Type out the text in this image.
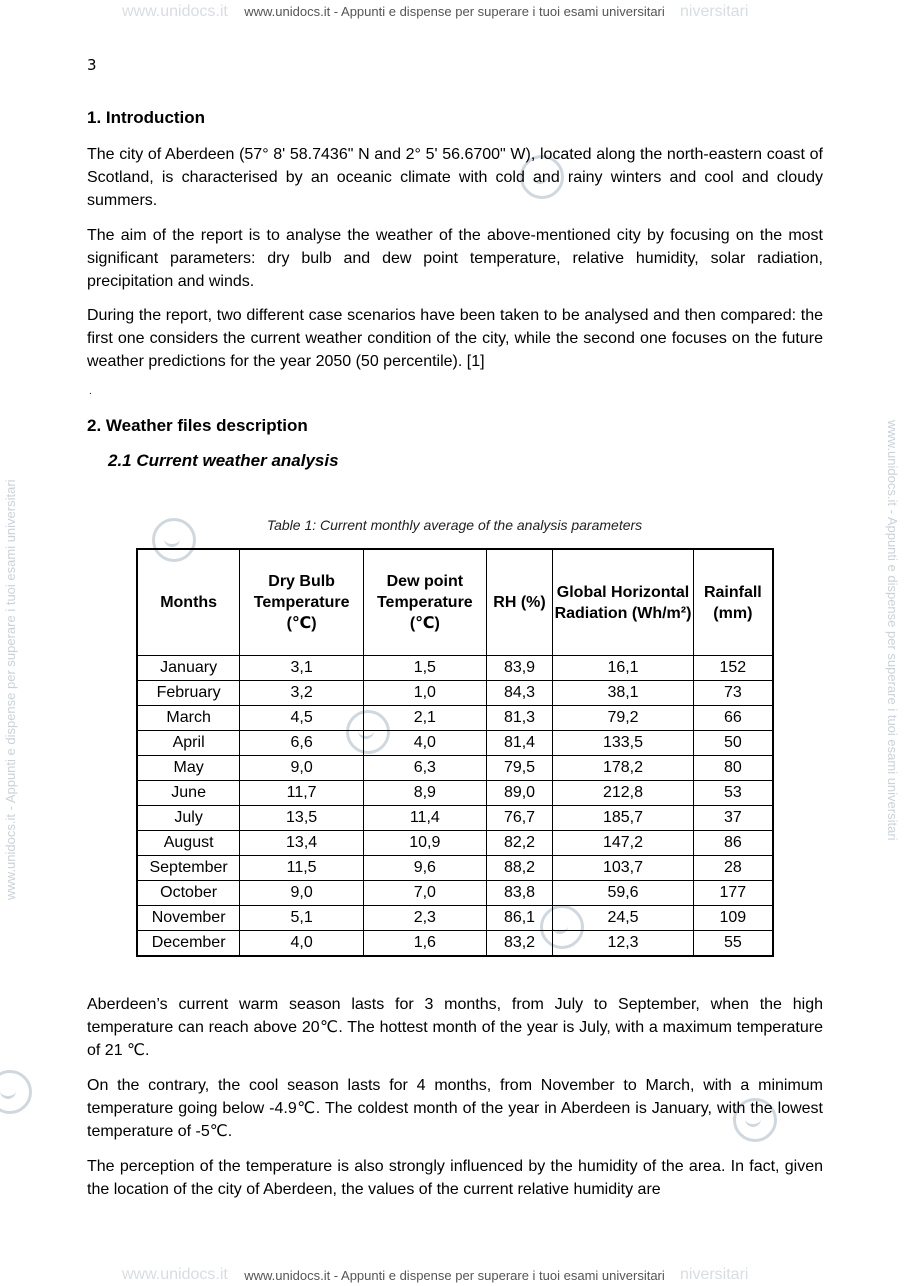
www.unidocs.it	niversitari
www.unidocs.it - Appunti e dispense per superare i tuoi esami universitari
www.unidocs.it	niversitari
www.unidocs.it - Appunti e dispense per superare i tuoi esami universitari
www.unidocs.it - Appunti e dispense per superare i tuoi esami universitari	www.unidocs.it - Appunti e dispense per superare i tuoi esami universitari
3
1. Introduction

The city of Aberdeen (57° 8' 58.7436" N and 2° 5' 56.6700" W), located along the north-eastern coast of Scotland, is characterised by an oceanic climate with cold and rainy winters and cool and cloudy summers.

The aim of the report is to analyse the weather of the above-mentioned city by focusing on the most significant parameters: dry bulb and dew point temperature, relative humidity, solar radiation, precipitation and winds.

During the report, two different case scenarios have been taken to be analysed and then compared: the first one considers the current weather condition of the city, while the second one focuses on the future weather predictions for the year 2050 (50 percentile). [1]

.
2. Weather files description
2.1 Current weather analysis
Table 1: Current monthly average of the analysis parameters
Months	Dry Bulb Temperature (℃)	Dew point Temperature (℃)	RH (%)	Global Horizontal Radiation (Wh/m²)	Rainfall (mm)
January	3,1	1,5	83,9	16,1	152
February	3,2	1,0	84,3	38,1	73
March	4,5	2,1	81,3	79,2	66
April	6,6	4,0	81,4	133,5	50
May	9,0	6,3	79,5	178,2	80
June	11,7	8,9	89,0	212,8	53
July	13,5	11,4	76,7	185,7	37
August	13,4	10,9	82,2	147,2	86
September	11,5	9,6	88,2	103,7	28
October	9,0	7,0	83,8	59,6	177
November	5,1	2,3	86,1	24,5	109
December	4,0	1,6	83,2	12,3	55

Aberdeen’s current warm season lasts for 3 months, from July to September, when the high temperature can reach above 20℃. The hottest month of the year is July, with a maximum temperature of 21 ℃.

On the contrary, the cool season lasts for 4 months, from November to March, with a minimum temperature going below -4.9℃. The coldest month of the year in Aberdeen is January, with the lowest temperature of -5℃.

The perception of the temperature is also strongly influenced by the humidity of the area. In fact, given the location of the city of Aberdeen, the values of the current relative humidity are
